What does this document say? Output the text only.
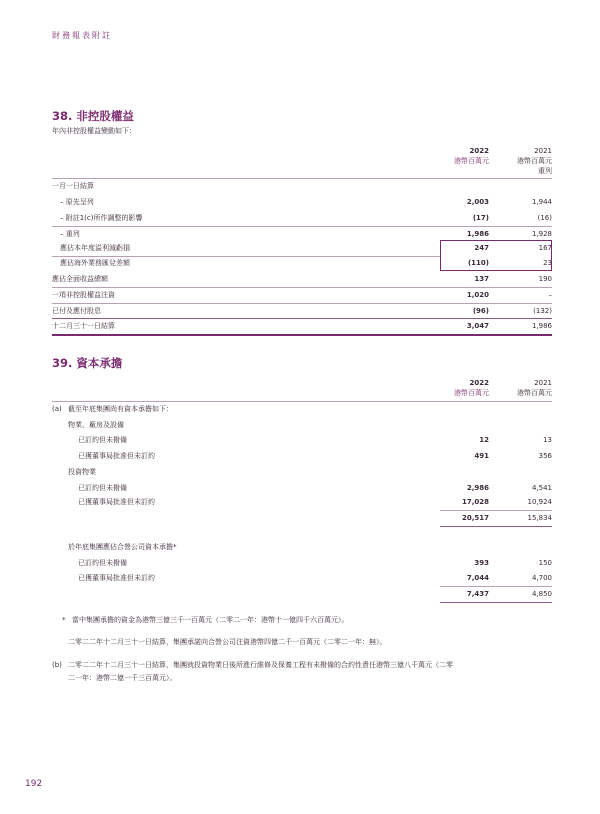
財務報表附註
38. 非控股權益
年內非控股權益變動如下：
2022
港幣百萬元
2021
港幣百萬元
重列
一月一日結算
– 原先呈列	2,003	1,944
– 附註1(c)所作調整的影響	(17)	(16)
– 重列	1,986	1,928
應佔本年度溢利減虧損	247	167
應佔海外業務匯兌差額	(110)	23
應佔全面收益總額	137	190
一項非控股權益注資	1,020	–
已付及應付股息	(96)	(132)
十二月三十一日結算	3,047	1,986
39. 資本承擔
2022
港幣百萬元
2021
港幣百萬元
(a) 截至年底集團尚有資本承擔如下：
物業、廠房及設備
已訂約但未撥備	12	13
已獲董事局批准但未訂約	491	356
投資物業
已訂約但未撥備	2,986	4,541
已獲董事局批准但未訂約	17,028	10,924
20,517	15,834
於年底集團應佔合營公司資本承擔*
已訂約但未撥備	393	150
已獲董事局批准但未訂約	7,044	4,700
7,437	4,850
* 當中集團承擔的資金為港幣三億三千一百萬元（二零二一年：港幣十一億四千六百萬元）。
二零二二年十二月三十一日結算，集團承諾向合營公司注資港幣四億二千一百萬元（二零二一年：無）。
(b) 二零二二年十二月三十一日結算，集團就投資物業日後所進行維修及保養工程有未撥備的合約性責任港幣三億八千萬元（二零
二一年：港幣二億一千三百萬元）。
192
